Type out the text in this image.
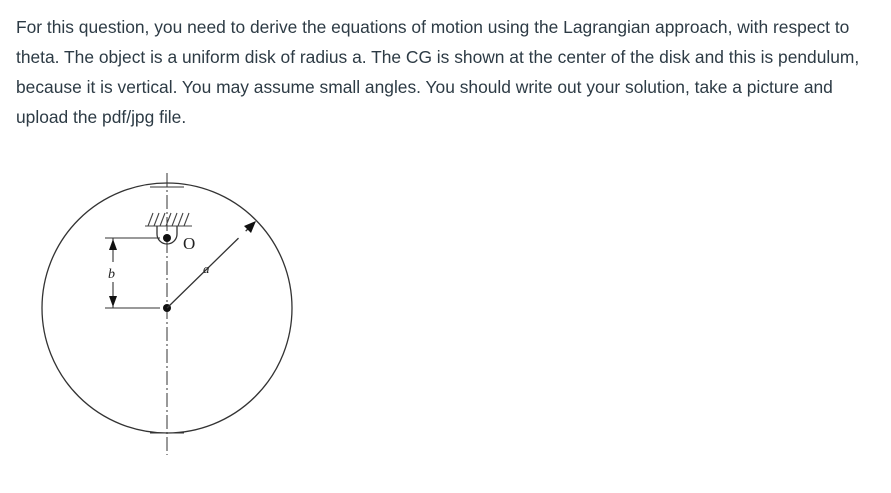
For this question, you need to derive the equations of motion using the Lagrangian approach, with respect to theta. The object is a uniform disk of radius a. The CG is shown at the center of the disk and this is pendulum, because it is vertical. You may assume small angles. You should write out your solution, take a picture and upload the pdf/jpg file.

O
a
b
